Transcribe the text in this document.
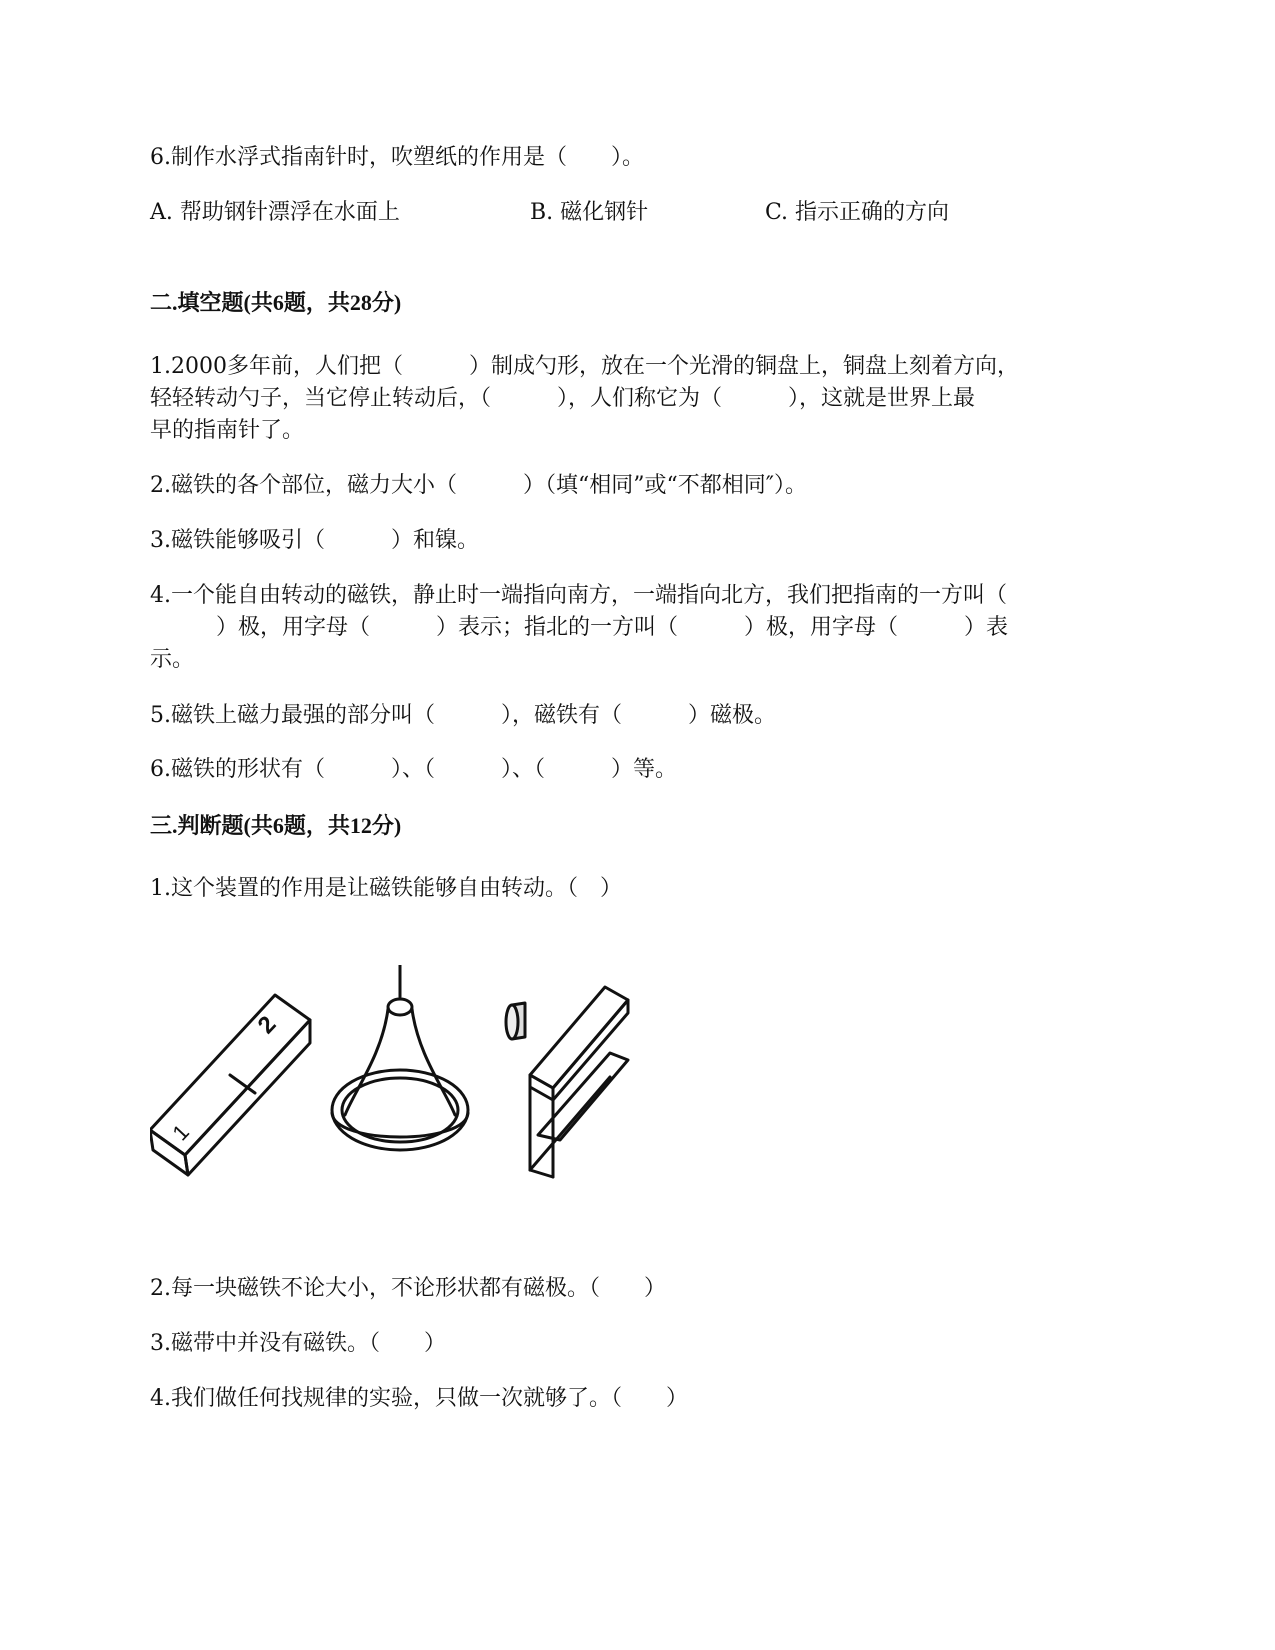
6.制作水浮式指南针时，吹塑纸的作用是（　　）。
A. 帮助钢针漂浮在水面上	B. 磁化钢针	C. 指示正确的方向
二.填空题(共6题，共28分)
1.2000多年前，人们把（　　　）制成勺形，放在一个光滑的铜盘上，铜盘上刻着方向，
轻轻转动勺子，当它停止转动后，（　　　），人们称它为（　　　），这就是世界上最
早的指南针了。
2.磁铁的各个部位，磁力大小（　　　）（填“相同”或“不都相同″）。
3.磁铁能够吸引（　　　）和镍。
4.一个能自由转动的磁铁，静止时一端指向南方，一端指向北方，我们把指南的一方叫（
　　　）极，用字母（　　　）表示；指北的一方叫（　　　）极，用字母（　　　）表
示。
5.磁铁上磁力最强的部分叫（　　　），磁铁有（　　　）磁极。
6.磁铁的形状有（　　　）、（　　　）、（　　　）等。
三.判断题(共6题，共12分)
1.这个装置的作用是让磁铁能够自由转动。（　）
1
2
2.每一块磁铁不论大小，不论形状都有磁极。（　　）
3.磁带中并没有磁铁。（　　）
4.我们做任何找规律的实验，只做一次就够了。（　　）
